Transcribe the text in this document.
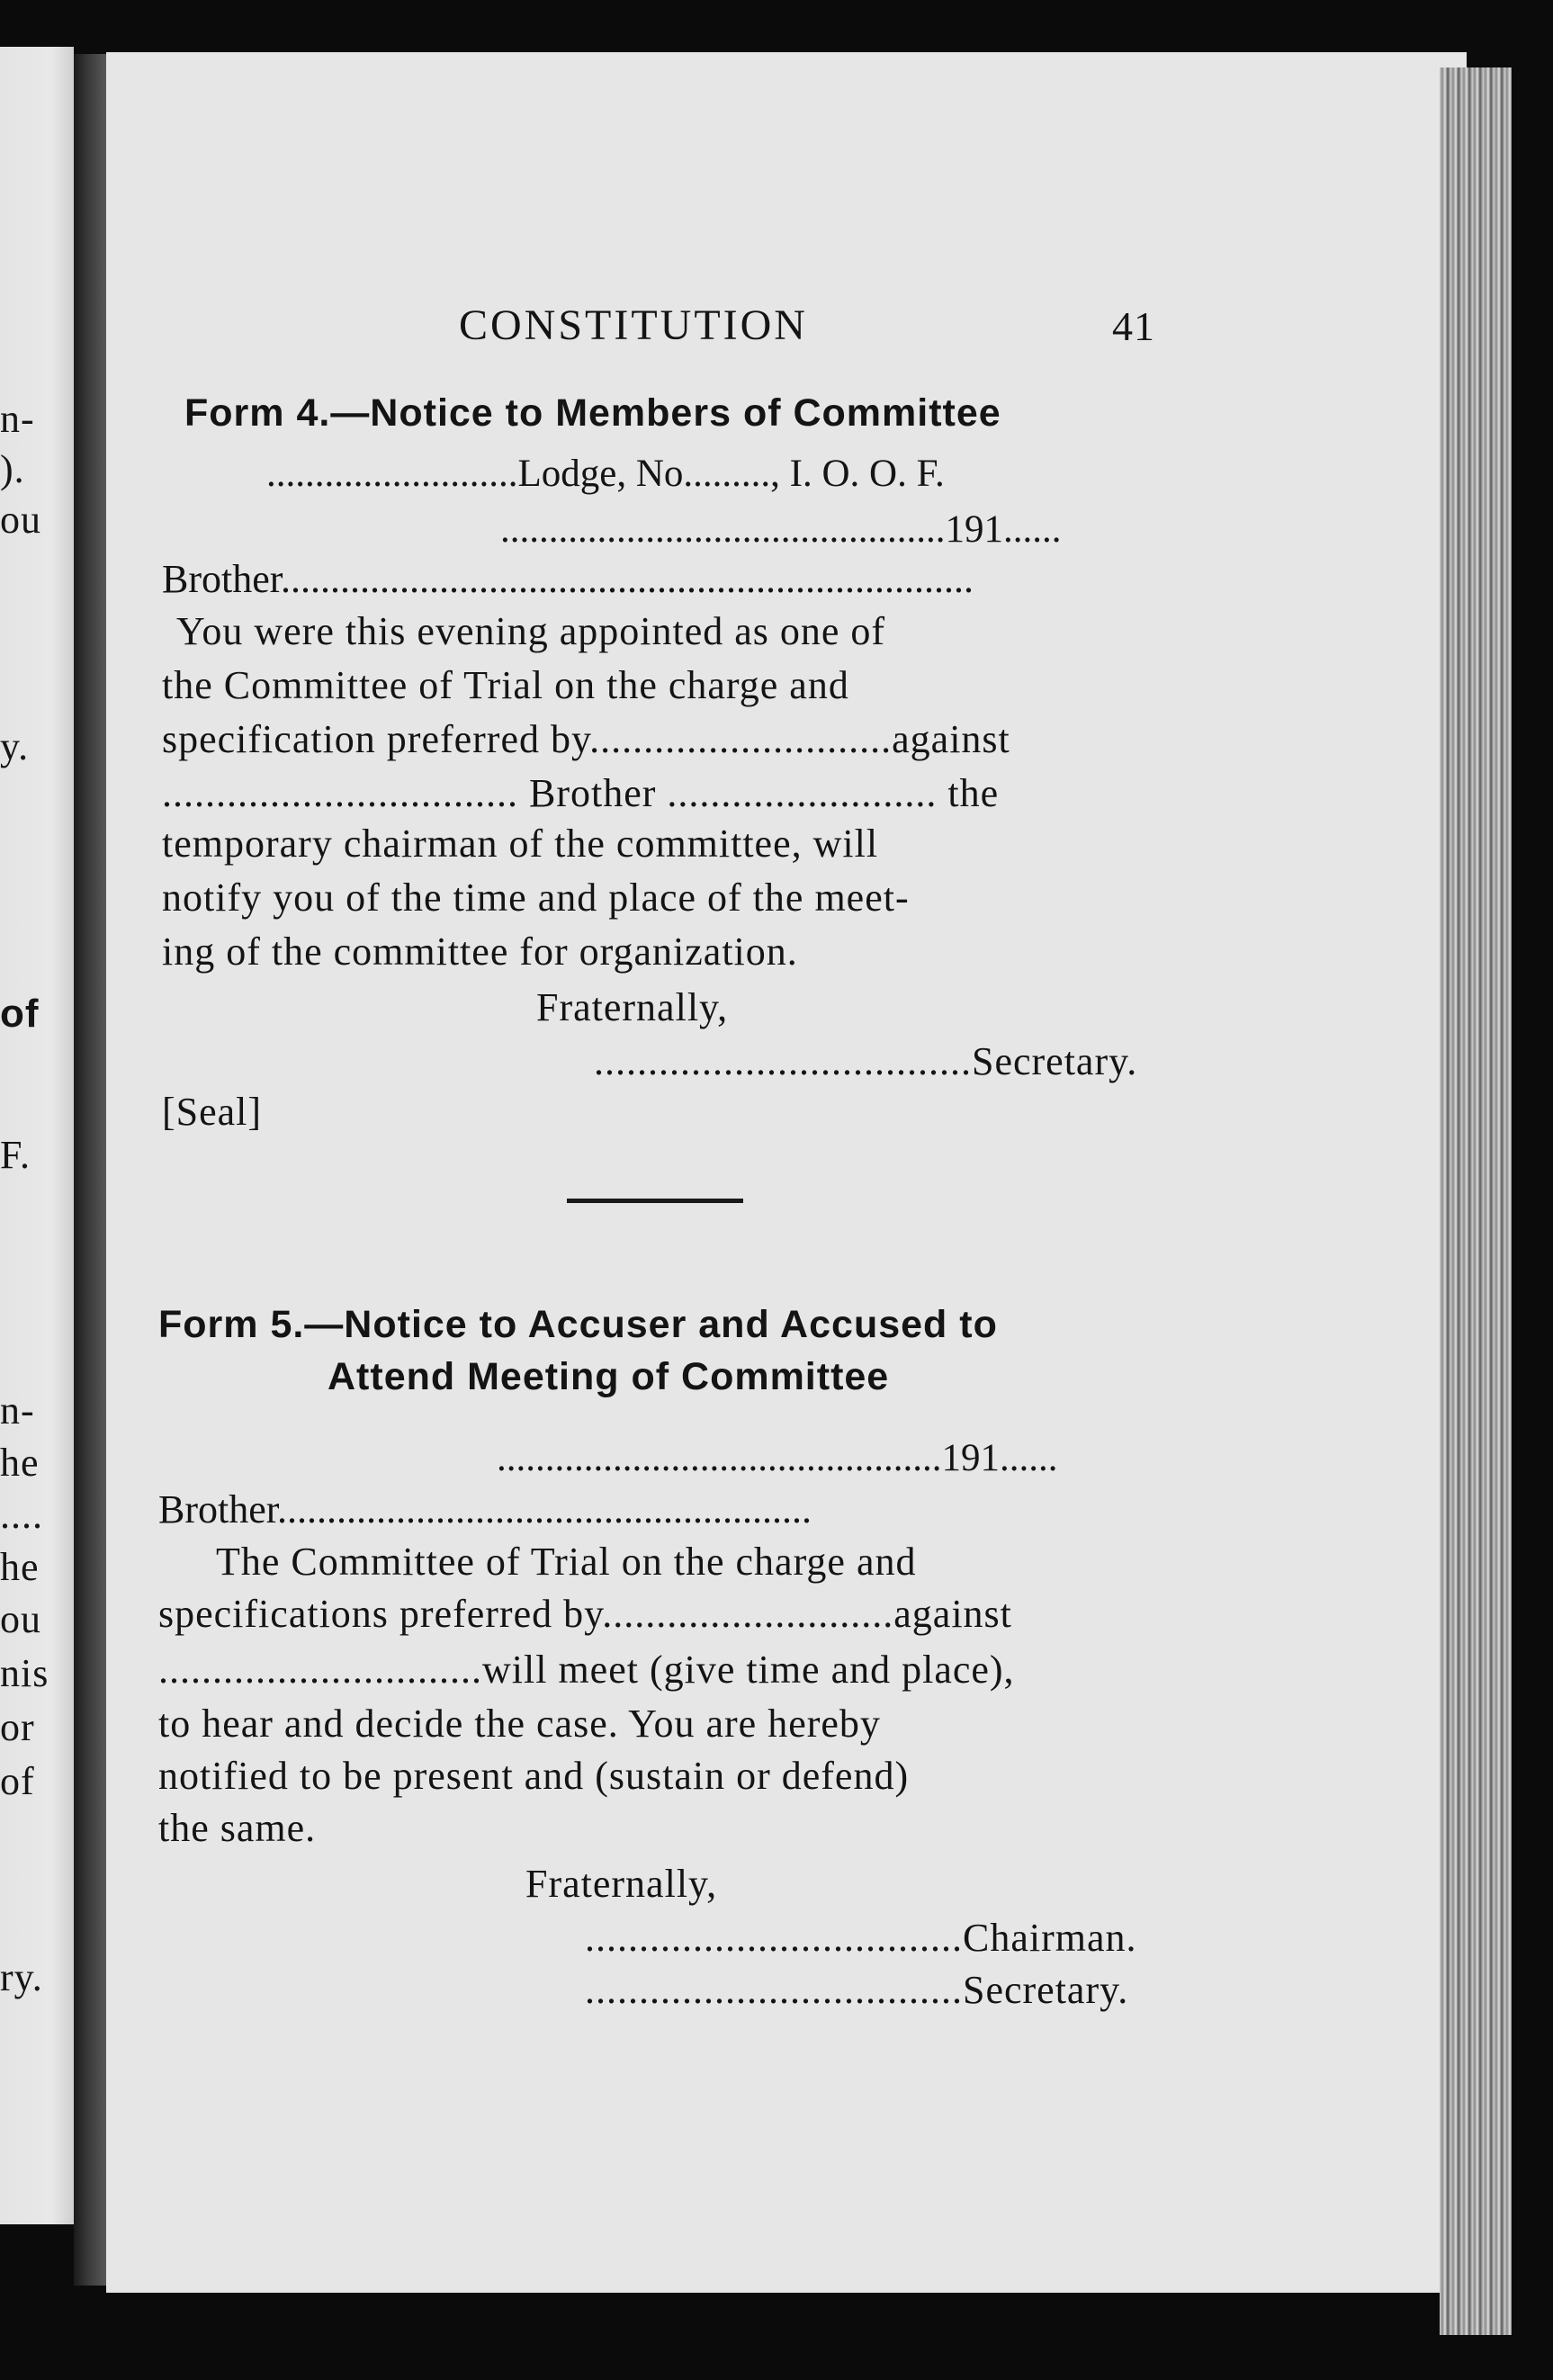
n-
).
ou
y.
of
F.
n-
he
....
he
ou
nis
or
of
ry.
CONSTITUTION	41
Form 4.—Notice to Members of Committee
..........................Lodge, No........., I. O. O. F.
..............................................191......
Brother......................................................................
You were this evening appointed as one of
the Committee of Trial on the charge and
specification preferred by............................against
................................. Brother ......................... the
temporary chairman of the committee, will
notify you of the time and place of the meet-
ing of the committee for organization.
Fraternally,
...................................Secretary.
[Seal]
Form 5.—Notice to Accuser and Accused to
Attend Meeting of Committee
..............................................191......
Brother......................................................
The Committee of Trial on the charge and
specifications preferred by...........................against
..............................will meet (give time and place),
to hear and decide the case. You are hereby
notified to be present and (sustain or defend)
the same.
Fraternally,
...................................Chairman.
...................................Secretary.
